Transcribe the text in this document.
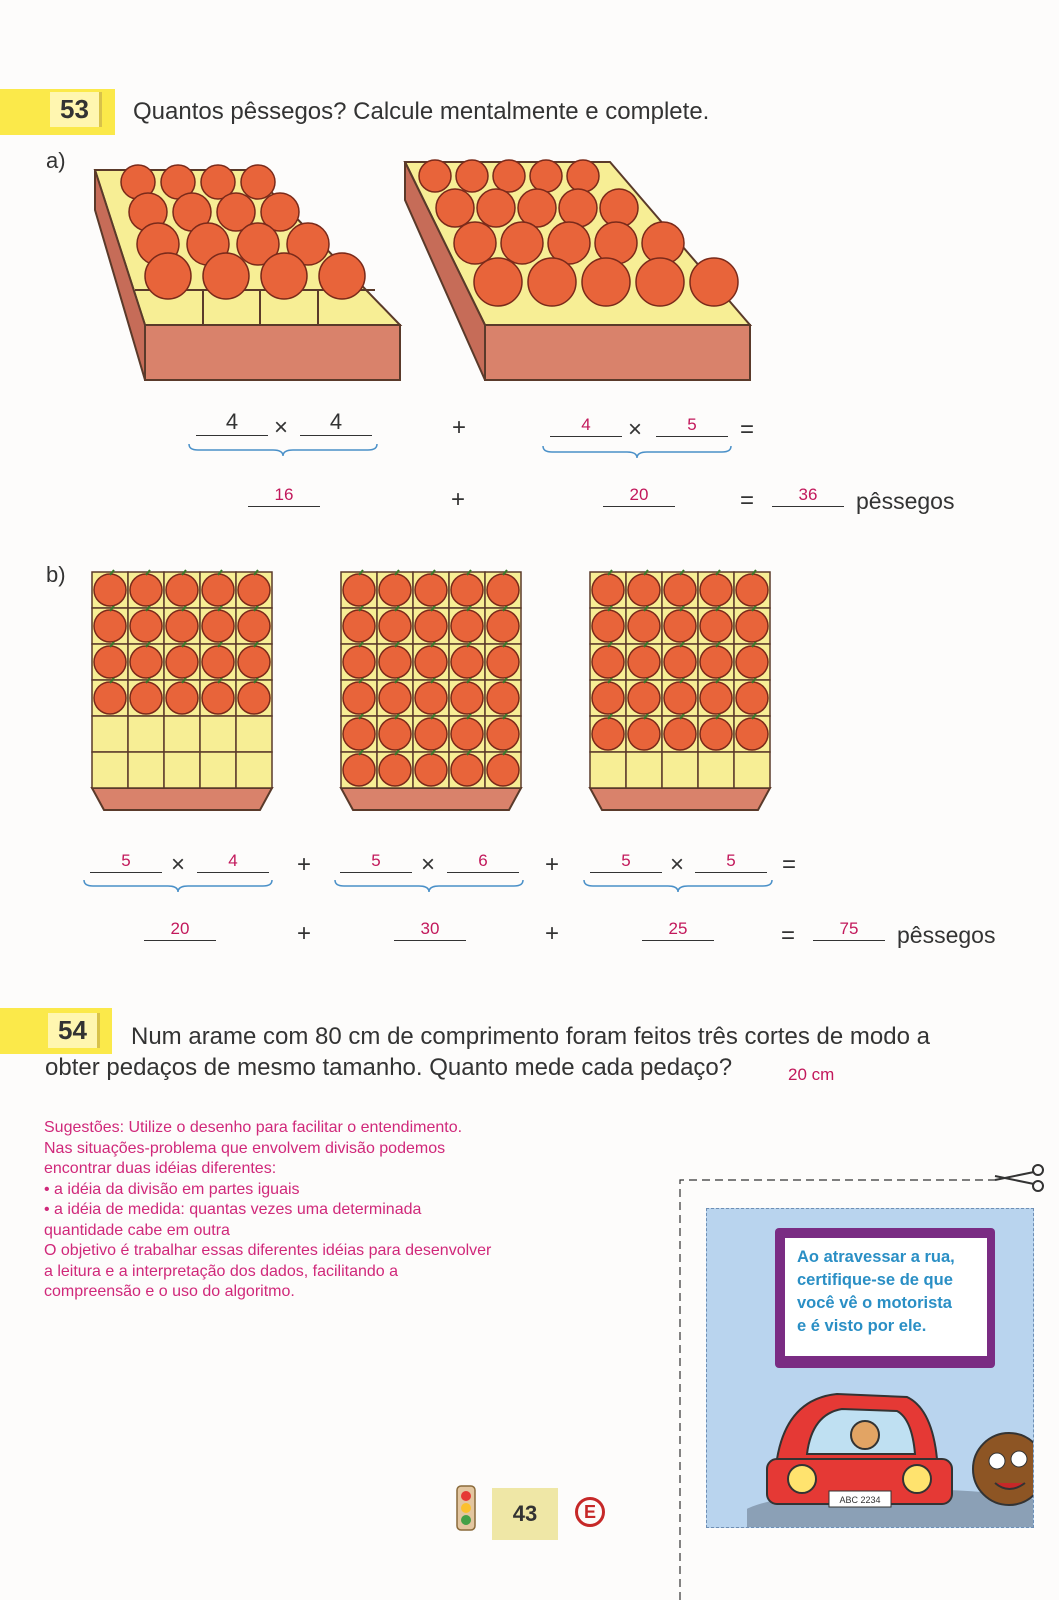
53	Quantos pêssegos? Calcule mentalmente e complete.
a)
4	×	4	+	4	×	5	=
16	+	20	=	36	pêssegos
b)
5	×	4	+	5	×	6	+	5	×	5	=
20	+	30	+	25	=	75	pêssegos
54	Num arame com 80 cm de comprimento foram feitos três cortes de modo a
obter pedaços de mesmo tamanho. Quanto mede cada pedaço?	20 cm
Sugestões: Utilize o desenho para facilitar o entendimento.
Nas situações-problema que envolvem divisão podemos
encontrar duas idéias diferentes:
• a idéia da divisão em partes iguais
• a idéia de medida: quantas vezes uma determinada
quantidade cabe em outra
O objetivo é trabalhar essas diferentes idéias para desenvolver
a leitura e a interpretação dos dados, facilitando a
compreensão e o uso do algoritmo.
ABC 2234
Ao atravessar a rua,
certifique-se de que
você vê o motorista
e é visto por ele.
43	E
